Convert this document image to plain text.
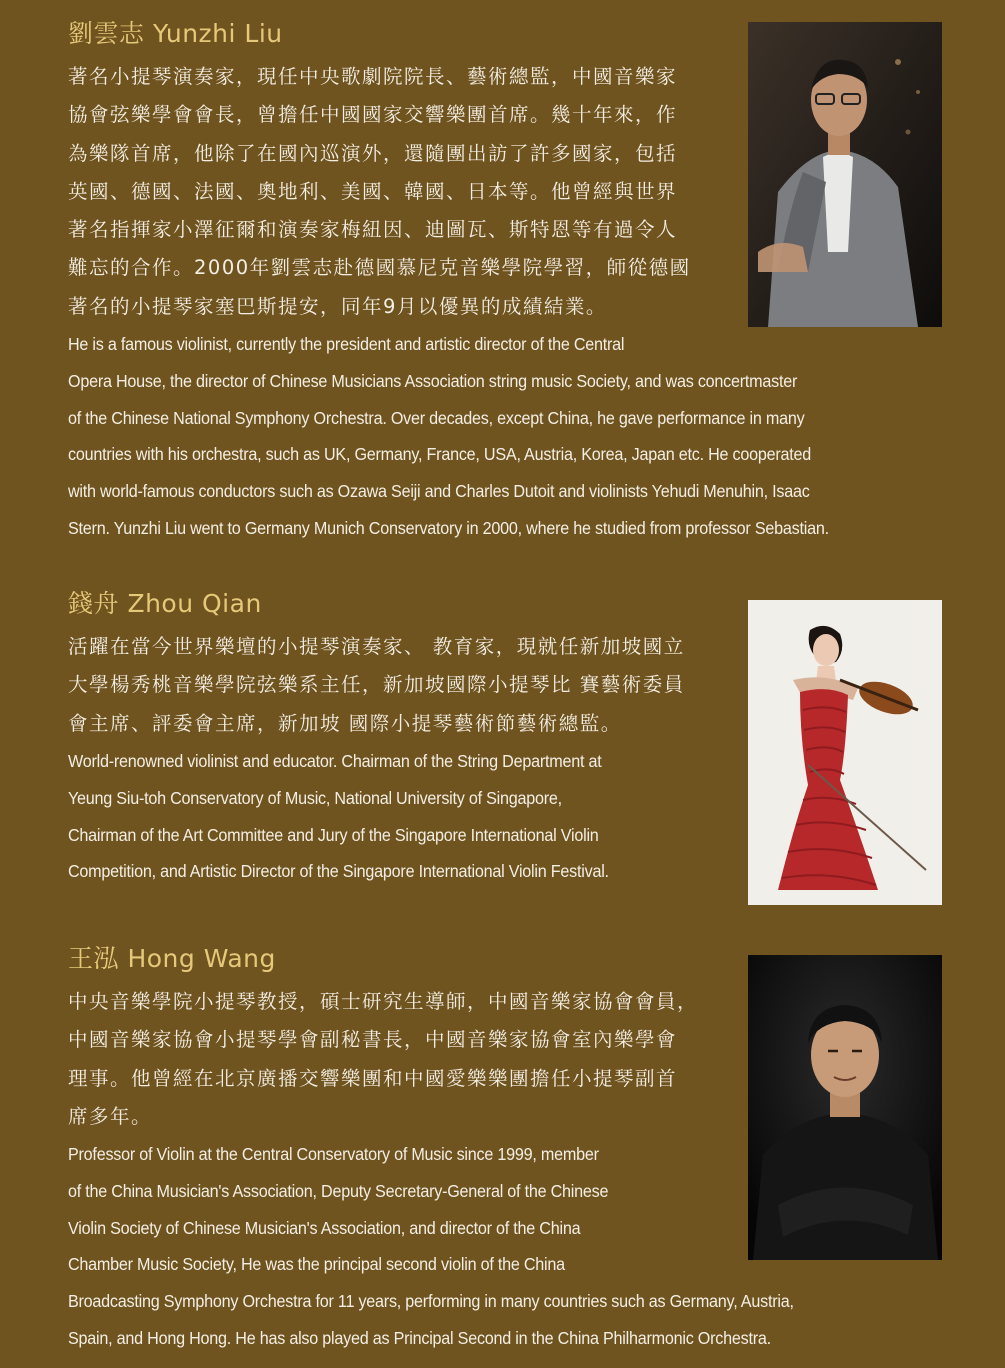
劉雲志 Yunzhi Liu

著名小提琴演奏家，現任中央歌劇院院長、藝術總監，中國音樂家

協會弦樂學會會長，曾擔任中國國家交響樂團首席。幾十年來，作

為樂隊首席，他除了在國內巡演外，還隨團出訪了許多國家，包括

英國、德國、法國、奧地利、美國、韓國、日本等。他曾經與世界

著名指揮家小澤征爾和演奏家梅紐因、迪圖瓦、斯特恩等有過令人

難忘的合作。2000年劉雲志赴德國慕尼克音樂學院學習，師從德國

著名的小提琴家塞巴斯提安，同年9月以優異的成績結業。

He is a famous violinist, currently the president and artistic director of the Central

Opera House, the director of Chinese Musicians Association string music Society, and was concertmaster

of the Chinese National Symphony Orchestra. Over decades, except China, he gave performance in many

countries with his orchestra, such as UK, Germany, France, USA, Austria, Korea, Japan etc. He cooperated

with world-famous conductors such as Ozawa Seiji and Charles Dutoit and violinists Yehudi Menuhin, Isaac

Stern. Yunzhi Liu went to Germany Munich Conservatory in 2000, where he studied from professor Sebastian.

錢舟 Zhou Qian

活躍在當今世界樂壇的小提琴演奏家、 教育家，現就任新加坡國立

大學楊秀桃音樂學院弦樂系主任，新加坡國際小提琴比 賽藝術委員

會主席、評委會主席，新加坡 國際小提琴藝術節藝術總監。

World-renowned violinist and educator. Chairman of the String Department at

Yeung Siu-toh Conservatory of Music, National University of Singapore,

Chairman of the Art Committee and Jury of the Singapore International Violin

Competition, and Artistic Director of the Singapore International Violin Festival.

王泓 Hong Wang

中央音樂學院小提琴教授，碩士研究生導師，中國音樂家協會會員，

中國音樂家協會小提琴學會副秘書長，中國音樂家協會室內樂學會

理事。他曾經在北京廣播交響樂團和中國愛樂樂團擔任小提琴副首

席多年。

Professor of Violin at the Central Conservatory of Music since 1999, member

of the China Musician's Association, Deputy Secretary-General of the Chinese

Violin Society of Chinese Musician's Association, and director of the China

Chamber Music Society, He was the principal second violin of the China

Broadcasting Symphony Orchestra for 11 years, performing in many countries such as Germany, Austria,

Spain, and Hong Hong. He has also played as Principal Second in the China Philharmonic Orchestra.
